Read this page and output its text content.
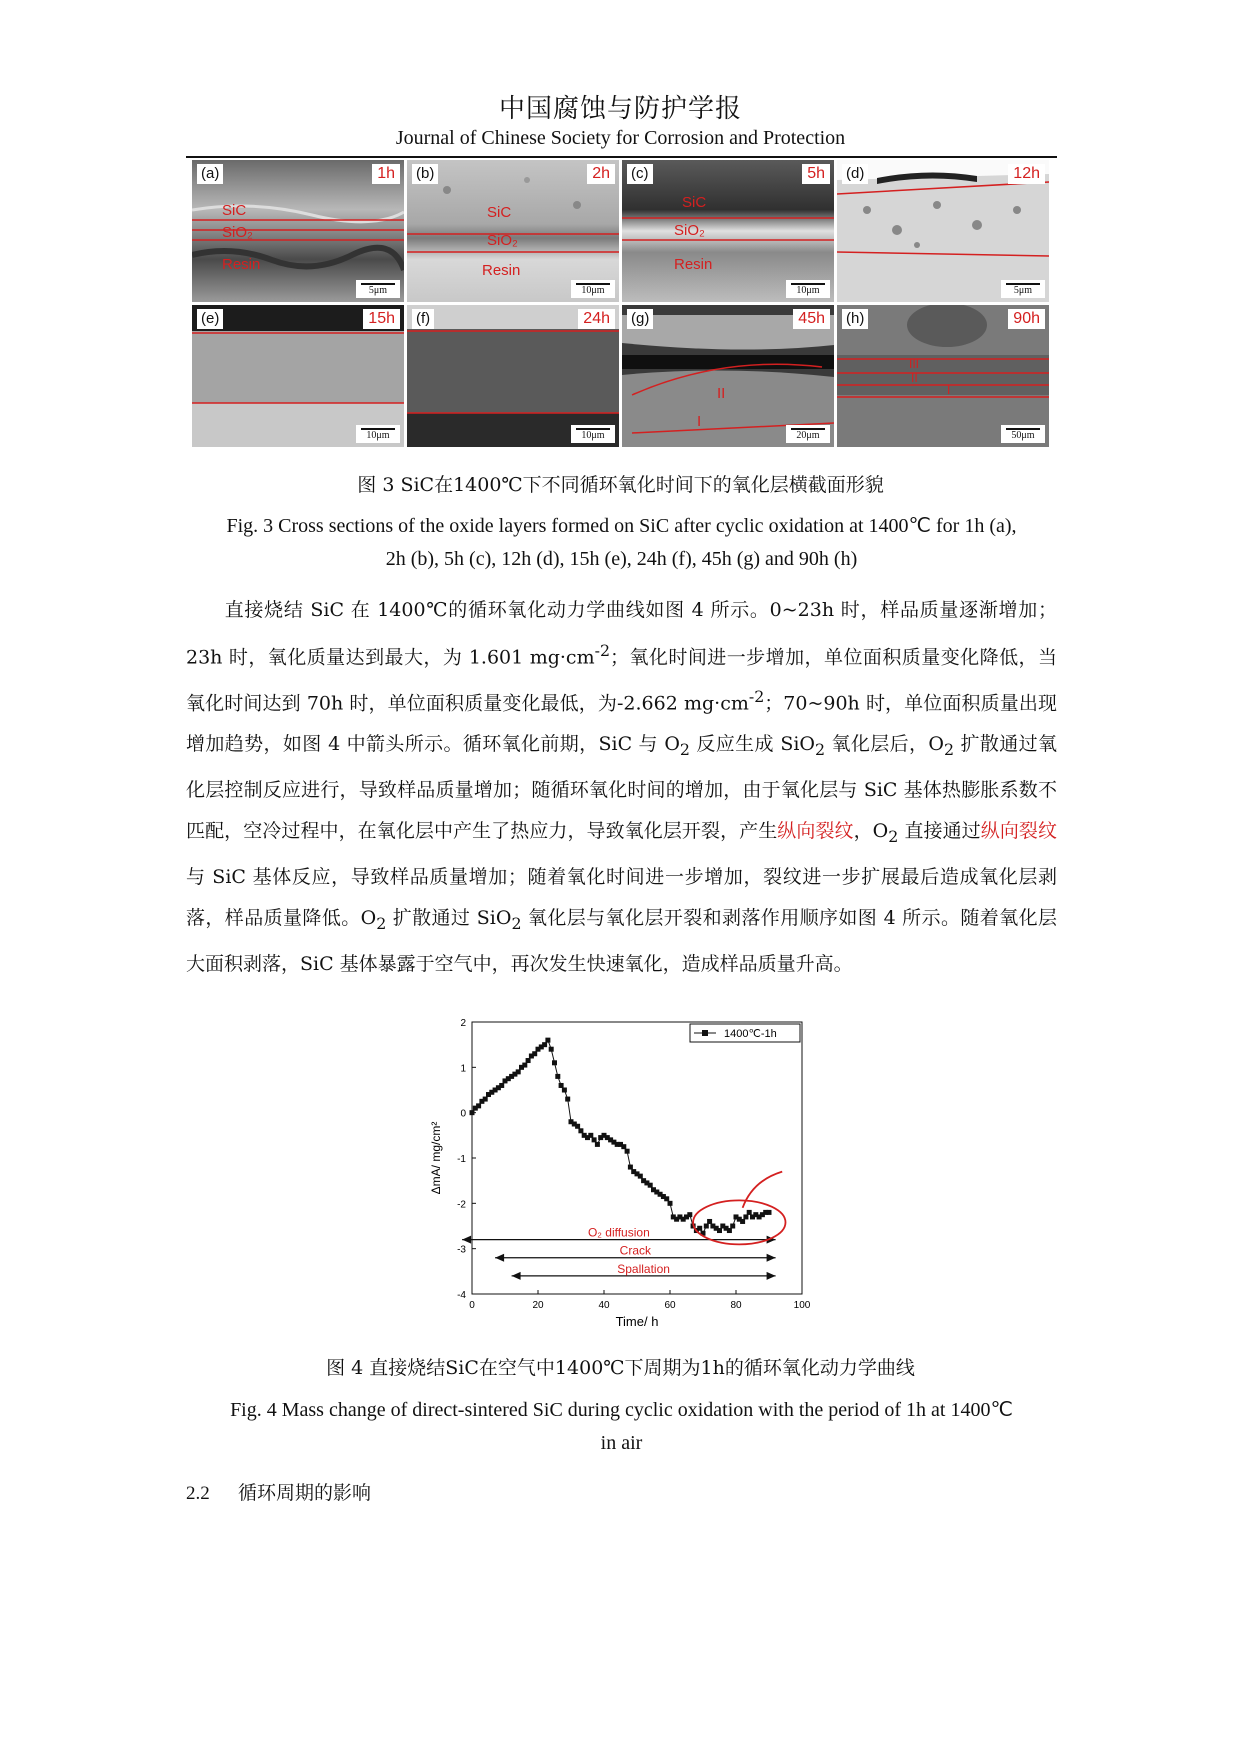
中国腐蚀与防护学报
Journal of Chinese Society for Corrosion and Protection
(a)	1h
SiC
SiO₂
Resin
5μm
(b)	2h
SiC
SiO₂
Resin
10μm
(c)	5h
SiC
SiO₂
Resin
10μm
(d)	12h
5μm
(e)	15h
10μm
(f)	24h
10μm
(g)	45h
II
I
20μm
(h)	90h
III
II
I
50μm
图 3 SiC在1400℃下不同循环氧化时间下的氧化层横截面形貌
Fig. 3 Cross sections of the oxide layers formed on SiC after cyclic oxidation at 1400℃ for 1h (a),
2h (b), 5h (c), 12h (d), 15h (e), 24h (f), 45h (g) and 90h (h)
直接烧结 SiC 在 1400℃的循环氧化动力学曲线如图 4 所示。0~23h 时，样品质量逐渐增加；23h 时，氧化质量达到最大，为 1.601 $mg\cdot cm^{-2}$；氧化时间进一步增加，单位面积质量变化降低，当氧化时间达到 70h 时，单位面积质量变化最低，为-2.662 $mg\cdot cm^{-2}$；70~90h 时，单位面积质量出现增加趋势，如图 4 中箭头所示。循环氧化前期，SiC 与 $O_2$ 反应生成 SiO$_2$ 氧化层后，$O_2$ 扩散通过氧化层控制反应进行，导致样品质量增加；随循环氧化时间的增加，由于氧化层与 SiC 基体热膨胀系数不匹配，空冷过程中，在氧化层中产生了热应力，导致氧化层开裂，产生纵向裂纹，$O_2$ 直接通过纵向裂纹与 SiC 基体反应，导致样品质量增加；随着氧化时间进一步增加，裂纹进一步扩展最后造成氧化层剥落，样品质量降低。$O_2$ 扩散通过 SiO$_2$ 氧化层与氧化层开裂和剥落作用顺序如图 4 所示。随着氧化层大面积剥落，SiC 基体暴露于空气中，再次发生快速氧化，造成样品质量升高。
0	20	40	60	80	100
-4
-3
-2
-1
0
1
2
Time/ h
ΔmA/ mg/cm²
1400℃-1h
O₂ diffusion
Crack
Spallation
图 4 直接烧结SiC在空气中1400℃下周期为1h的循环氧化动力学曲线
Fig. 4 Mass change of direct-sintered SiC during cyclic oxidation with the period of 1h at 1400℃
in air
2.2 循环周期的影响
